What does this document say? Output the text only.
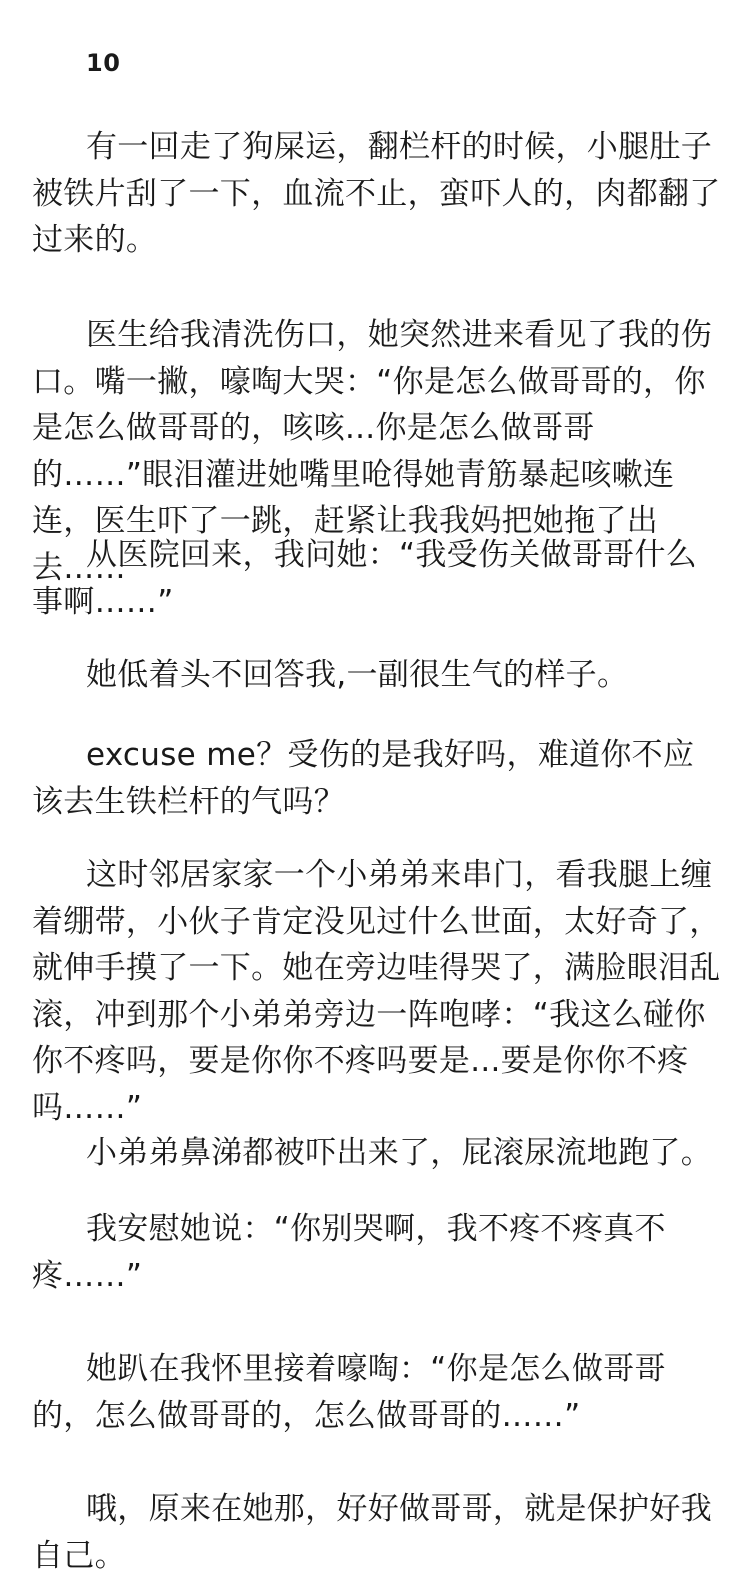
10

有一回走了狗屎运，翻栏杆的时候，小腿肚子被铁片刮了一下，血流不止，蛮吓人的，肉都翻了过来的。

医生给我清洗伤口，她突然进来看见了我的伤口。嘴一撇，嚎啕大哭：“你是怎么做哥哥的，你是怎么做哥哥的，咳咳...你是怎么做哥哥的……”眼泪灌进她嘴里呛得她青筋暴起咳嗽连连，医生吓了一跳，赶紧让我我妈把她拖了出去……

从医院回来，我问她：“我受伤关做哥哥什么事啊……”

她低着头不回答我,一副很生气的样子。

excuse me？受伤的是我好吗，难道你不应该去生铁栏杆的气吗？

这时邻居家家一个小弟弟来串门，看我腿上缠着绷带，小伙子肯定没见过什么世面，太好奇了，就伸手摸了一下。她在旁边哇得哭了，满脸眼泪乱滚，冲到那个小弟弟旁边一阵咆哮：“我这么碰你你不疼吗，要是你你不疼吗要是...要是你你不疼吗……”

小弟弟鼻涕都被吓出来了，屁滚尿流地跑了。

我安慰她说：“你别哭啊，我不疼不疼真不疼……”

她趴在我怀里接着嚎啕：“你是怎么做哥哥的，怎么做哥哥的，怎么做哥哥的……”

哦，原来在她那，好好做哥哥，就是保护好我自己。
